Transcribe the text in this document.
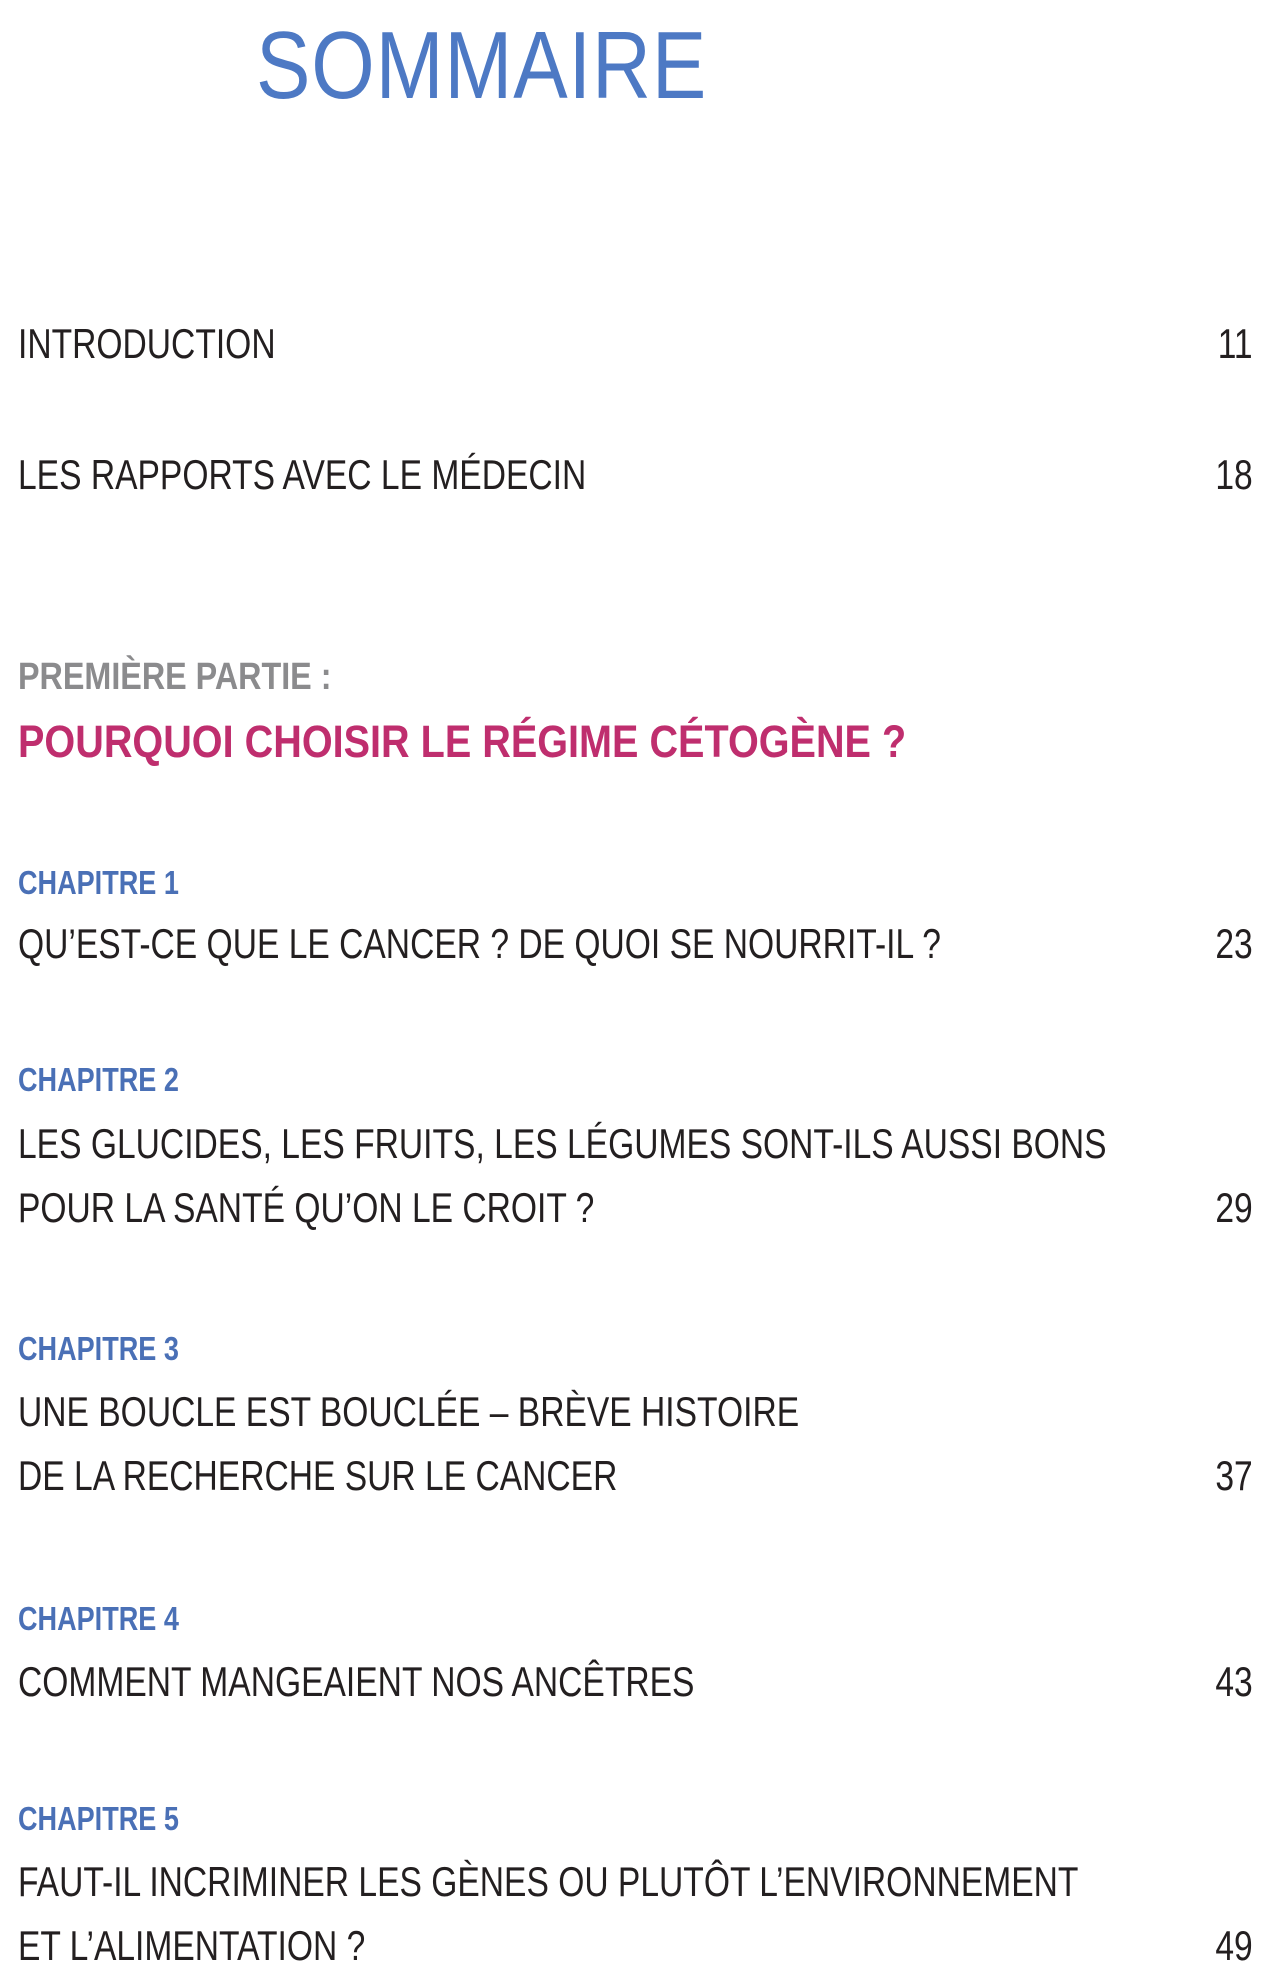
SOMMAIRE
INTRODUCTION	11
LES RAPPORTS AVEC LE MÉDECIN	18
PREMIÈRE PARTIE :
POURQUOI CHOISIR LE RÉGIME CÉTOGÈNE ?
CHAPITRE 1
QU’EST-CE QUE LE CANCER ? DE QUOI SE NOURRIT-IL ?	23
CHAPITRE 2
LES GLUCIDES, LES FRUITS, LES LÉGUMES SONT-ILS AUSSI BONS
POUR LA SANTÉ QU’ON LE CROIT ?	29
CHAPITRE 3
UNE BOUCLE EST BOUCLÉE – BRÈVE HISTOIRE
DE LA RECHERCHE SUR LE CANCER	37
CHAPITRE 4
COMMENT MANGEAIENT NOS ANCÊTRES	43
CHAPITRE 5
FAUT-IL INCRIMINER LES GÈNES OU PLUTÔT L’ENVIRONNEMENT
ET L’ALIMENTATION ?	49
